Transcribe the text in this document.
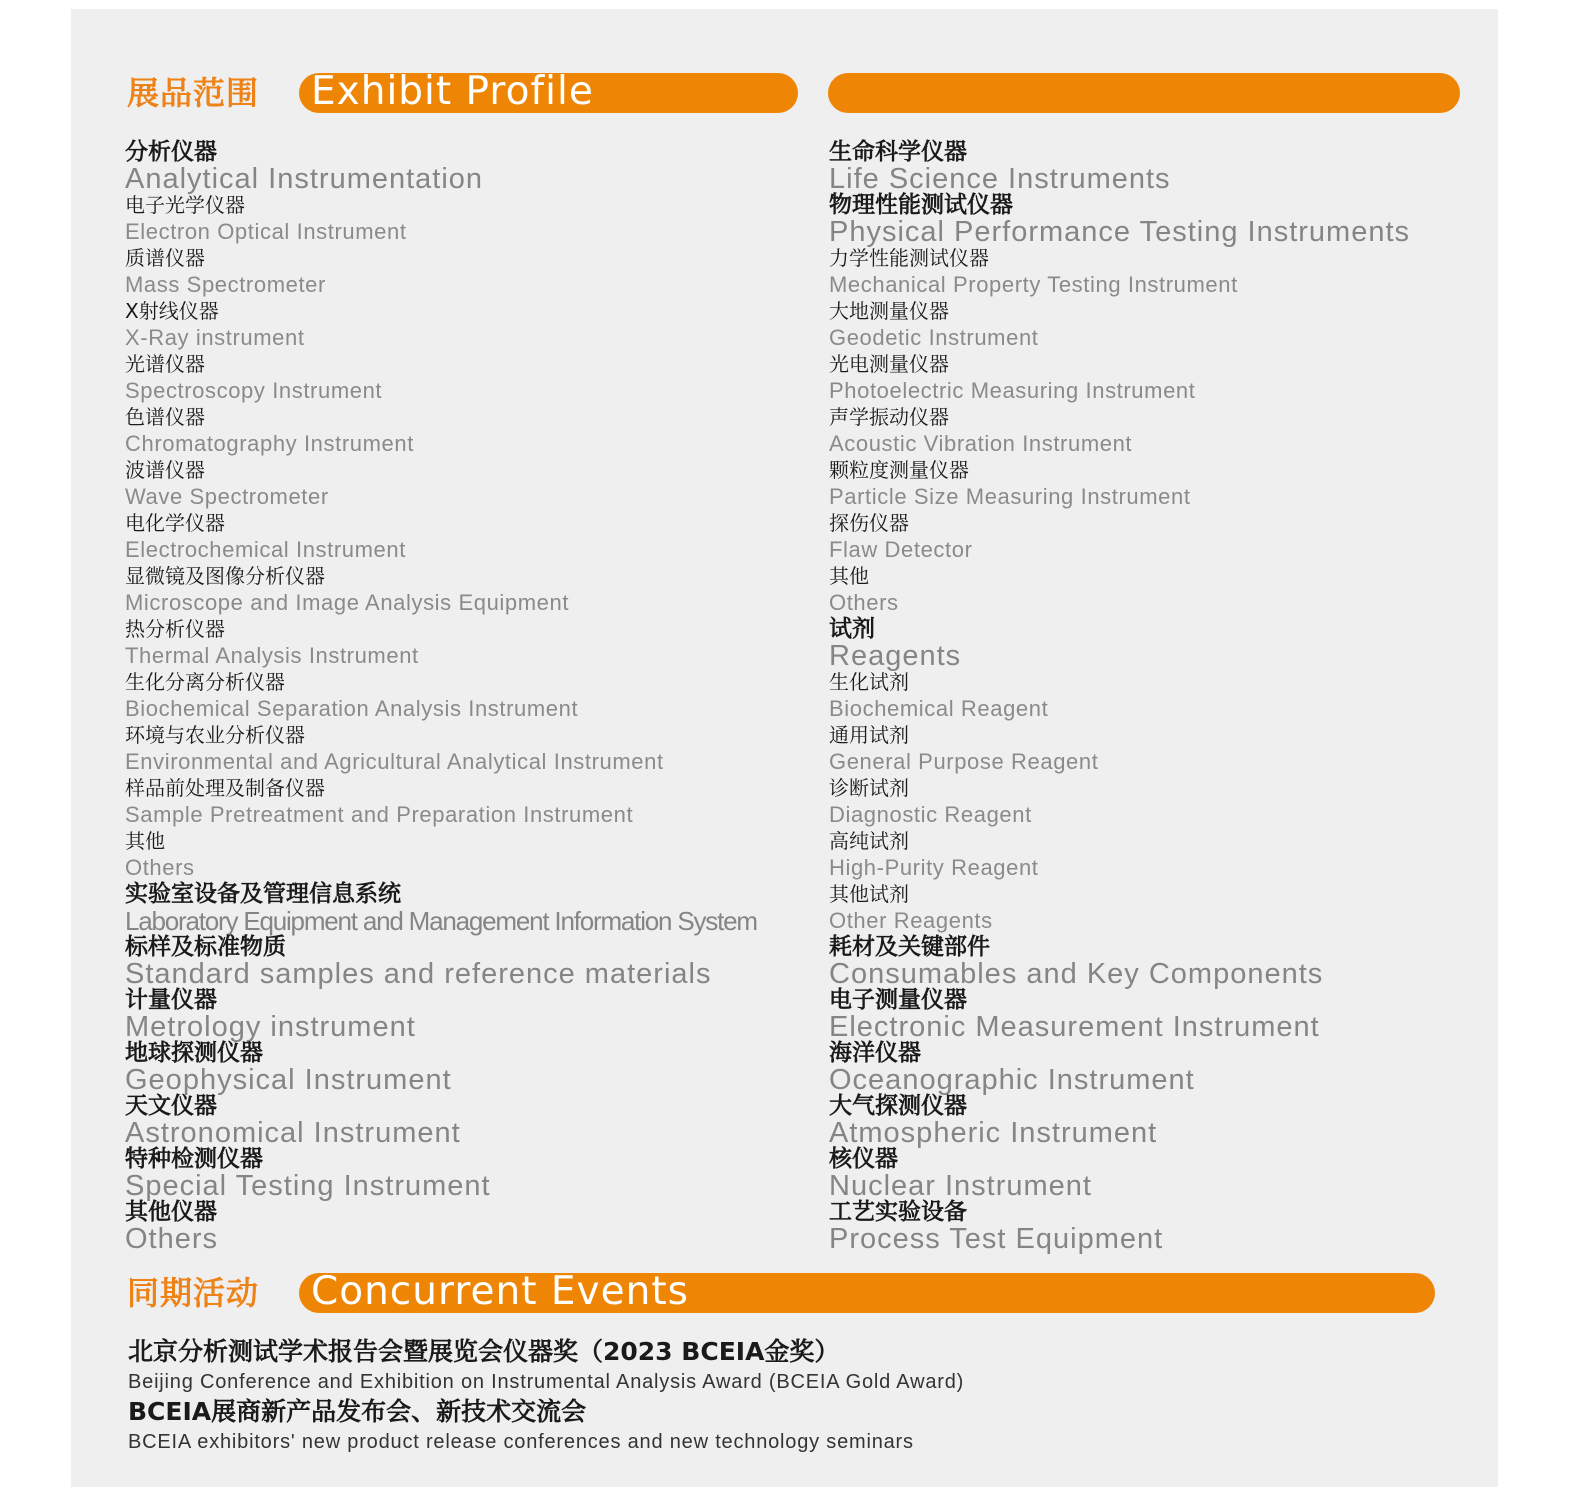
展品范围 Exhibit Profile
分析仪器
Analytical Instrumentation
电子光学仪器
Electron Optical Instrument
质谱仪器
Mass Spectrometer
X射线仪器
X-Ray instrument
光谱仪器
Spectroscopy Instrument
色谱仪器
Chromatography Instrument
波谱仪器
Wave Spectrometer
电化学仪器
Electrochemical Instrument
显微镜及图像分析仪器
Microscope and Image Analysis Equipment
热分析仪器
Thermal Analysis Instrument
生化分离分析仪器
Biochemical Separation Analysis Instrument
环境与农业分析仪器
Environmental and Agricultural Analytical Instrument
样品前处理及制备仪器
Sample Pretreatment and Preparation Instrument
其他
Others
实验室设备及管理信息系统
Laboratory Equipment and Management Information System
标样及标准物质
Standard samples and reference materials
计量仪器
Metrology instrument
地球探测仪器
Geophysical Instrument
天文仪器
Astronomical Instrument
特种检测仪器
Special Testing Instrument
其他仪器
Others
生命科学仪器
Life Science Instruments
物理性能测试仪器
Physical Performance Testing Instruments
力学性能测试仪器
Mechanical Property Testing Instrument
大地测量仪器
Geodetic Instrument
光电测量仪器
Photoelectric Measuring Instrument
声学振动仪器
Acoustic Vibration Instrument
颗粒度测量仪器
Particle Size Measuring Instrument
探伤仪器
Flaw Detector
其他
Others
试剂
Reagents
生化试剂
Biochemical Reagent
通用试剂
General Purpose Reagent
诊断试剂
Diagnostic Reagent
高纯试剂
High-Purity Reagent
其他试剂
Other Reagents
耗材及关键部件
Consumables and Key Components
电子测量仪器
Electronic Measurement Instrument
海洋仪器
Oceanographic Instrument
大气探测仪器
Atmospheric Instrument
核仪器
Nuclear Instrument
工艺实验设备
Process Test Equipment
同期活动 Concurrent Events
北京分析测试学术报告会暨展览会仪器奖（2023 BCEIA金奖）
Beijing Conference and Exhibition on Instrumental Analysis Award (BCEIA Gold Award)
BCEIA展商新产品发布会、新技术交流会
BCEIA exhibitors' new product release conferences and new technology seminars
